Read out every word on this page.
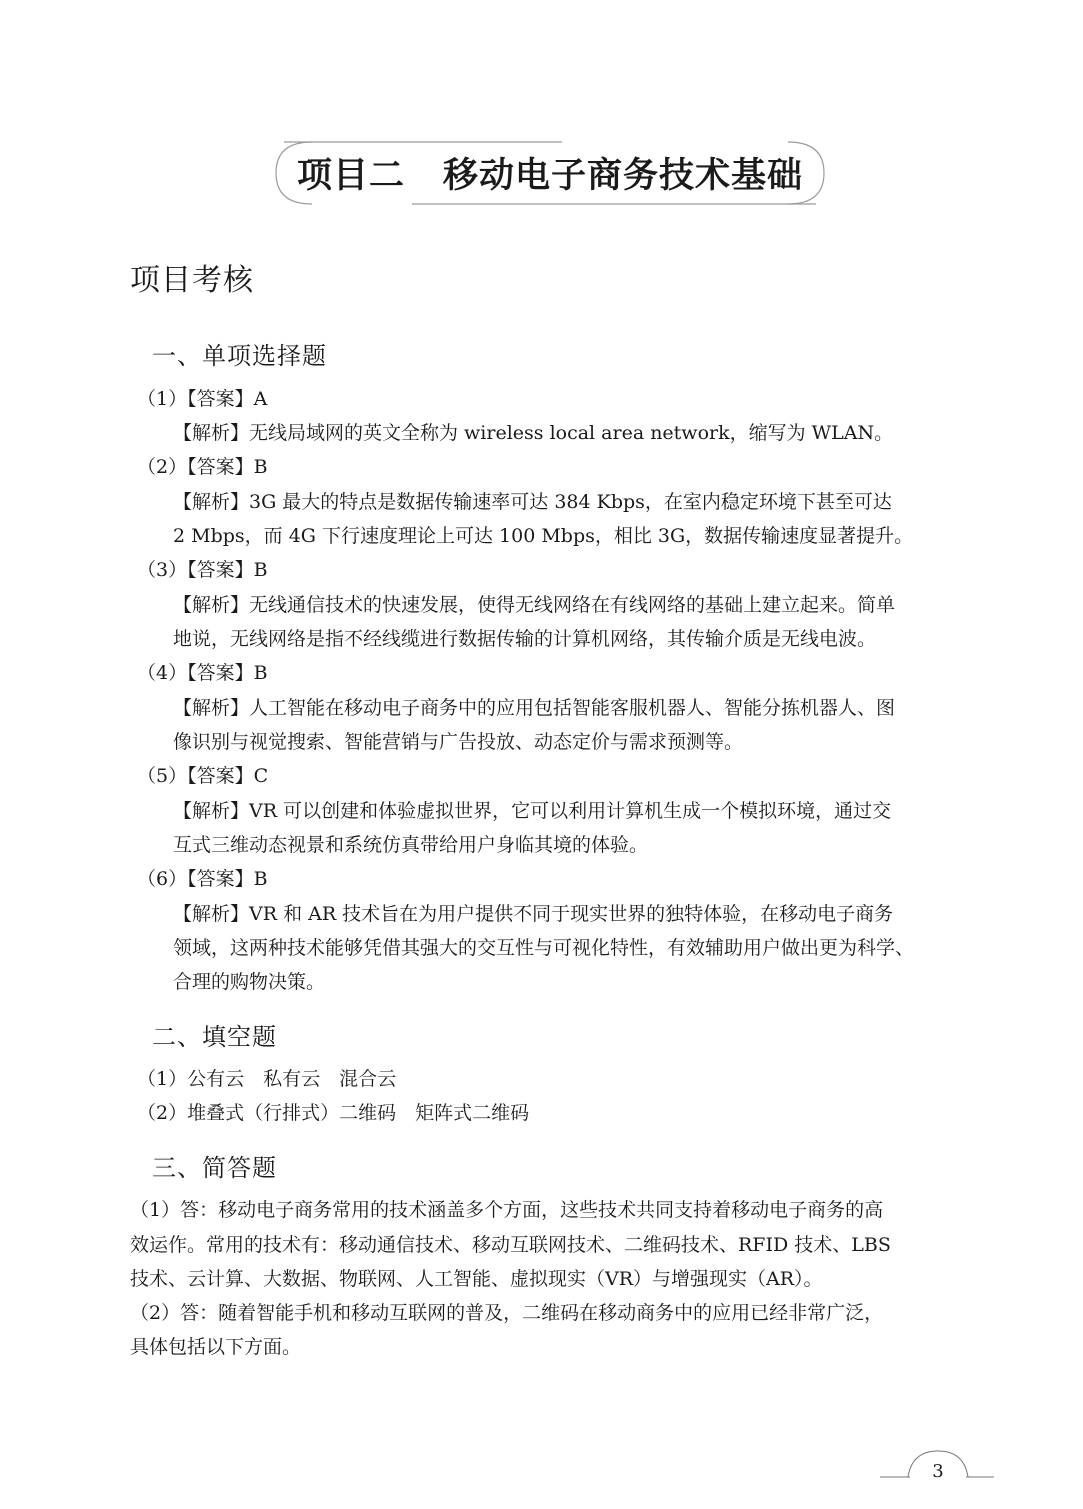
项目二 移动电子商务技术基础
项目考核
一、单项选择题
（1）【答案】A
【解析】无线局域网的英文全称为 wireless local area network，缩写为 WLAN。
（2）【答案】B
【解析】3G 最大的特点是数据传输速率可达 384 Kbps，在室内稳定环境下甚至可达
2 Mbps，而 4G 下行速度理论上可达 100 Mbps，相比 3G，数据传输速度显著提升。
（3）【答案】B
【解析】无线通信技术的快速发展，使得无线网络在有线网络的基础上建立起来。简单
地说，无线网络是指不经线缆进行数据传输的计算机网络，其传输介质是无线电波。
（4）【答案】B
【解析】人工智能在移动电子商务中的应用包括智能客服机器人、智能分拣机器人、图
像识别与视觉搜索、智能营销与广告投放、动态定价与需求预测等。
（5）【答案】C
【解析】VR 可以创建和体验虚拟世界，它可以利用计算机生成一个模拟环境，通过交
互式三维动态视景和系统仿真带给用户身临其境的体验。
（6）【答案】B
【解析】VR 和 AR 技术旨在为用户提供不同于现实世界的独特体验，在移动电子商务
领域，这两种技术能够凭借其强大的交互性与可视化特性，有效辅助用户做出更为科学、
合理的购物决策。
二、填空题
（1）公有云　私有云　混合云
（2）堆叠式（行排式）二维码　矩阵式二维码
三、简答题
（1）答：移动电子商务常用的技术涵盖多个方面，这些技术共同支持着移动电子商务的高
效运作。常用的技术有：移动通信技术、移动互联网技术、二维码技术、RFID 技术、LBS
技术、云计算、大数据、物联网、人工智能、虚拟现实（VR）与增强现实（AR）。
（2）答：随着智能手机和移动互联网的普及，二维码在移动商务中的应用已经非常广泛，
具体包括以下方面。
3
